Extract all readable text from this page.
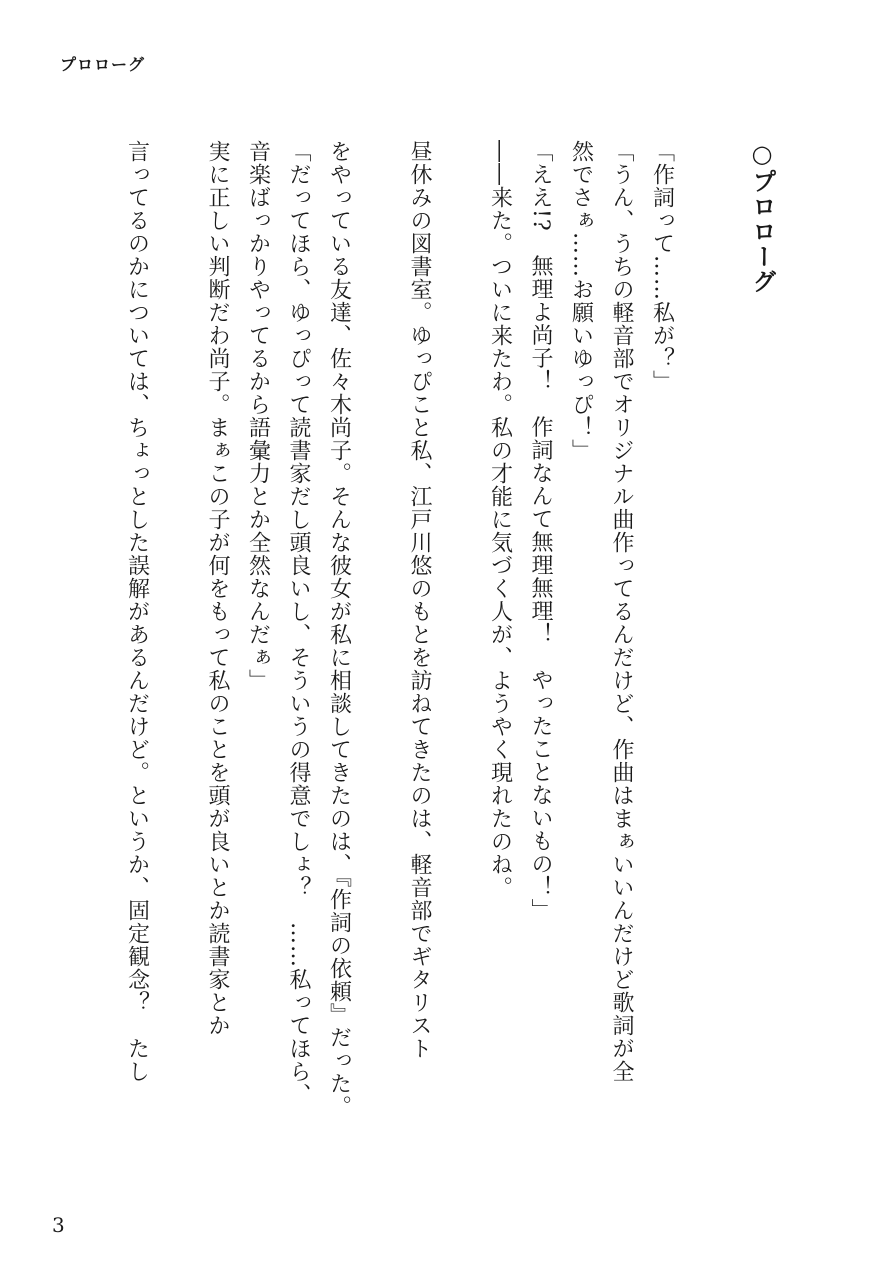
プロローグ

○プロローグ

「作詞って……私が？」

「うん、うちの軽音部でオリジナル曲作ってるんだけど、作曲はまぁいいんだけど歌詞が全

然でさぁ……お願いゆっぴ！」

「ええ!?　無理よ尚子！　作詞なんて無理無理！　やったことないもの！」

――来た。ついに来たわ。私の才能に気づく人が、ようやく現れたのね。

昼休みの図書室。ゆっぴこと私、江戸川悠のもとを訪ねてきたのは、軽音部でギタリスト

をやっている友達、佐々木尚子。そんな彼女が私に相談してきたのは、『作詞の依頼』だった。

「だってほら、ゆっぴって読書家だし頭良いし、そういうの得意でしょ？　……私ってほら、

音楽ばっかりやってるから語彙力とか全然なんだぁ」

実に正しい判断だわ尚子。まぁこの子が何をもって私のことを頭が良いとか読書家とか

言ってるのかについては、ちょっとした誤解があるんだけど。というか、固定観念？　たし

3
